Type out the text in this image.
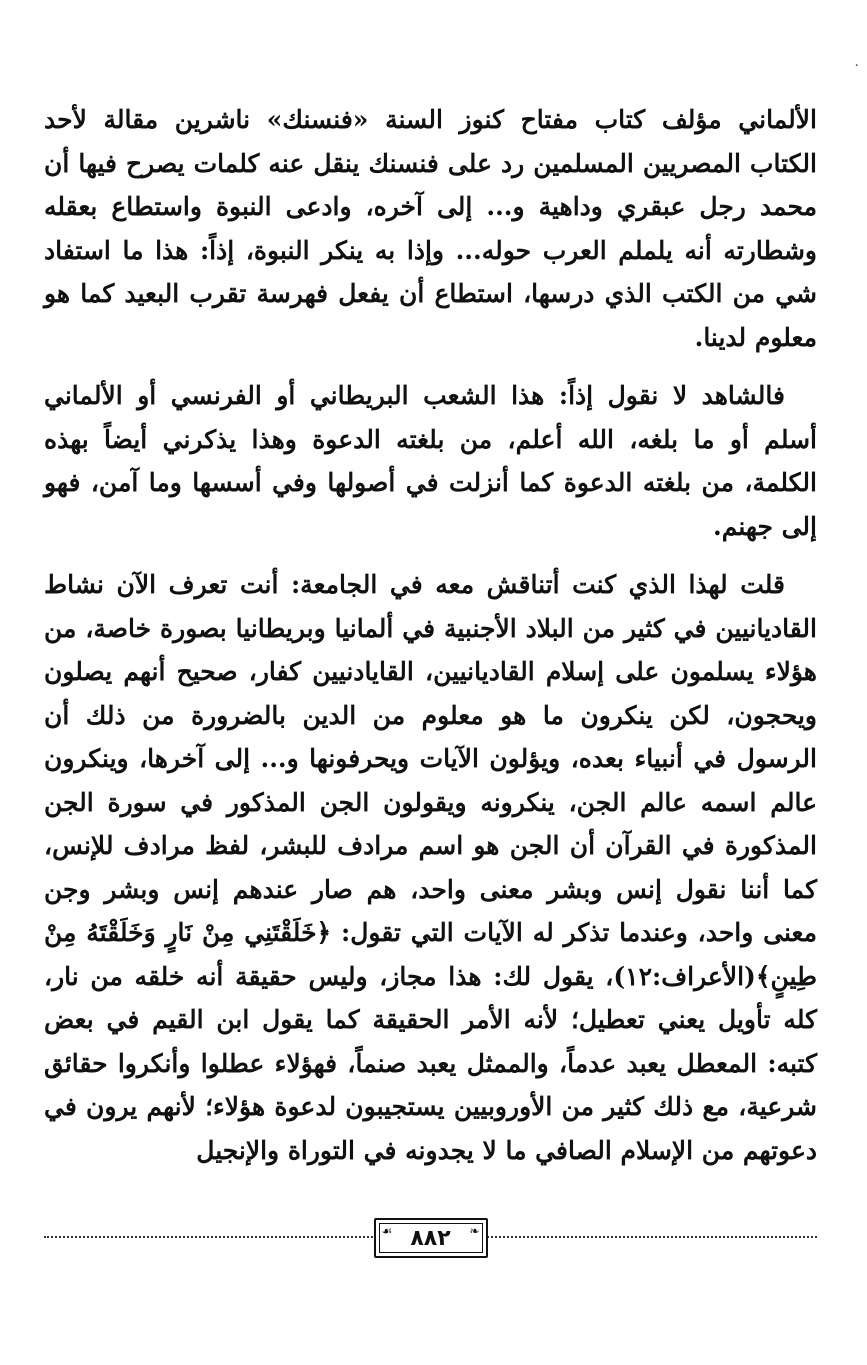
·

الألماني مؤلف كتاب مفتاح كنوز السنة «فنسنك» ناشرين مقالة لأحد الكتاب المصريين المسلمين رد على فنسنك ينقل عنه كلمات يصرح فيها أن محمد رجل عبقري وداهية و... إلى آخره، وادعى النبوة واستطاع بعقله وشطارته أنه يلملم العرب حوله... وإذا به ينكر النبوة، إذاً: هذا ما استفاد شي من الكتب الذي درسها، استطاع أن يفعل فهرسة تقرب البعيد كما هو معلوم لدينا.

فالشاهد لا نقول إذاً: هذا الشعب البريطاني أو الفرنسي أو الألماني أسلم أو ما بلغه، الله أعلم، من بلغته الدعوة وهذا يذكرني أيضاً بهذه الكلمة، من بلغته الدعوة كما أنزلت في أصولها وفي أسسها وما آمن، فهو إلى جهنم.

قلت لهذا الذي كنت أتناقش معه في الجامعة: أنت تعرف الآن نشاط القاديانيين في كثير من البلاد الأجنبية في ألمانيا وبريطانيا بصورة خاصة، من هؤلاء يسلمون على إسلام القاديانيين، القايادنيين كفار، صحيح أنهم يصلون ويحجون، لكن ينكرون ما هو معلوم من الدين بالضرورة من ذلك أن الرسول في أنبياء بعده، ويؤلون الآيات ويحرفونها و... إلى آخرها، وينكرون عالم اسمه عالم الجن، ينكرونه ويقولون الجن المذكور في سورة الجن المذكورة في القرآن أن الجن هو اسم مرادف للبشر، لفظ مرادف للإنس، كما أننا نقول إنس وبشر معنى واحد، هم صار عندهم إنس وبشر وجن معنى واحد، وعندما تذكر له الآيات التي تقول: ﴿خَلَقْتَنِي مِنْ نَارٍ وَخَلَقْتَهُ مِنْ طِينٍ﴾(الأعراف:١٢)، يقول لك: هذا مجاز، وليس حقيقة أنه خلقه من نار، كله تأويل يعني تعطيل؛ لأنه الأمر الحقيقة كما يقول ابن القيم في بعض كتبه: المعطل يعبد عدماً، والممثل يعبد صنماً، فهؤلاء عطلوا وأنكروا حقائق شرعية، مع ذلك كثير من الأوروبيين يستجيبون لدعوة هؤلاء؛ لأنهم يرون في دعوتهم من الإسلام الصافي ما لا يجدونه في التوراة والإنجيل

❧
٨٨٢
☙
